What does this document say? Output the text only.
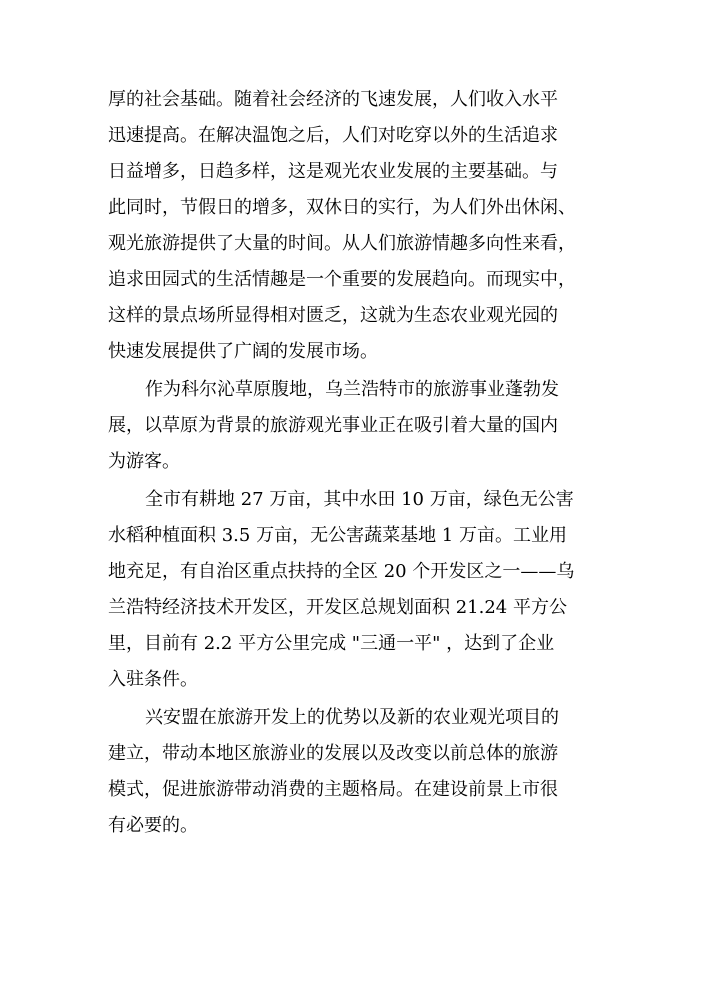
厚的社会基础。随着社会经济的飞速发展，人们收入水平
迅速提高。在解决温饱之后，人们对吃穿以外的生活追求
日益增多，日趋多样，这是观光农业发展的主要基础。与
此同时，节假日的增多，双休日的实行，为人们外出休闲、
观光旅游提供了大量的时间。从人们旅游情趣多向性来看，
追求田园式的生活情趣是一个重要的发展趋向。而现实中，
这样的景点场所显得相对匮乏，这就为生态农业观光园的
快速发展提供了广阔的发展市场。
作为科尔沁草原腹地，乌兰浩特市的旅游事业蓬勃发
展，以草原为背景的旅游观光事业正在吸引着大量的国内
为游客。
全市有耕地 27 万亩，其中水田 10 万亩，绿色无公害
水稻种植面积 3.5 万亩，无公害蔬菜基地 1 万亩。工业用
地充足，有自治区重点扶持的全区 20 个开发区之一——乌
兰浩特经济技术开发区，开发区总规划面积 21.24 平方公
里，目前有 2.2 平方公里完成 "三通一平" ，达到了企业
入驻条件。
兴安盟在旅游开发上的优势以及新的农业观光项目的
建立，带动本地区旅游业的发展以及改变以前总体的旅游
模式，促进旅游带动消费的主题格局。在建设前景上市很
有必要的。
